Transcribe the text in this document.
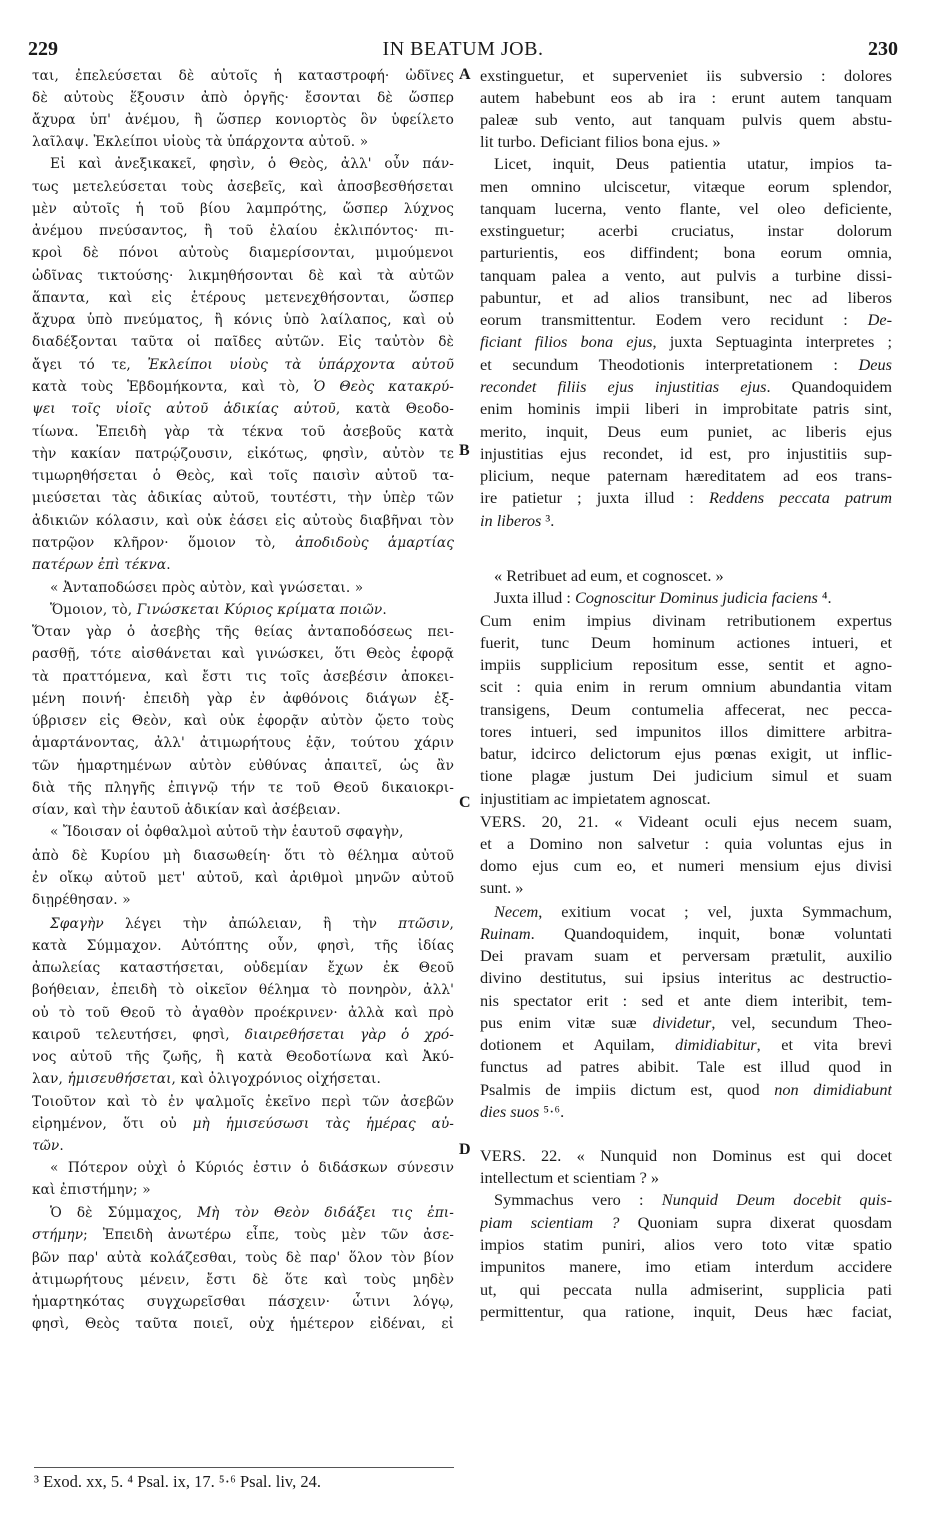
229	IN BEATUM JOB.	230
ται, ἐπελεύσεται δὲ αὐτοῖς ἡ καταστροφή· ὠδῖνες
δὲ αὐτοὺς ἕξουσιν ἀπὸ ὀργῆς· ἔσονται δὲ ὥσπερ
ἄχυρα ὑπ' ἀνέμου, ἢ ὥσπερ κονιορτὸς ὃν ὑφείλετο
λαῖλαψ. Ἐκλείποι υἱοὺς τὰ ὑπάρχοντα αὐτοῦ. »
Εἰ καὶ ἀνεξικακεῖ, φησὶν, ὁ Θεὸς, ἀλλ' οὖν πάν-
τως μετελεύσεται τοὺς ἀσεβεῖς, καὶ ἀποσβεσθήσεται
μὲν αὐτοῖς ἡ τοῦ βίου λαμπρότης, ὥσπερ λύχνος
ἀνέμου πνεύσαντος, ἢ τοῦ ἐλαίου ἐκλιπόντος· πι-
κροὶ δὲ πόνοι αὐτοὺς διαμερίσονται, μιμούμενοι
ὠδῖνας τικτούσης· λικμηθήσονται δὲ καὶ τὰ αὐτῶν
ἅπαντα, καὶ εἰς ἑτέρους μετενεχθήσονται, ὥσπερ
ἄχυρα ὑπὸ πνεύματος, ἢ κόνις ὑπὸ λαίλαπος, καὶ οὐ
διαδέξονται ταῦτα οἱ παῖδες αὐτῶν. Εἰς ταὐτὸν δὲ
ἄγει τό τε, Ἐκλείποι υἱοὺς τὰ ὑπάρχοντα αὐτοῦ
κατὰ τοὺς Ἑβδομήκοντα, καὶ τὸ, Ὁ Θεὸς κατακρύ-
ψει τοῖς υἱοῖς αὐτοῦ ἀδικίας αὐτοῦ, κατὰ Θεοδο-
τίωνα. Ἐπειδὴ γὰρ τὰ τέκνα τοῦ ἀσεβοῦς κατὰ
τὴν κακίαν πατρῴζουσιν, εἰκότως, φησὶν, αὐτὸν τε
τιμωρηθήσεται ὁ Θεὸς, καὶ τοῖς παισὶν αὐτοῦ τα-
μιεύσεται τὰς ἀδικίας αὐτοῦ, τουτέστι, τὴν ὑπὲρ τῶν
ἀδικιῶν κόλασιν, καὶ οὐκ ἐάσει εἰς αὐτοὺς διαβῆναι τὸν
πατρῷον κλῆρον· ὅμοιον τὸ, ἀποδιδοὺς ἁμαρτίας
πατέρων ἐπὶ τέκνα.
« Ἀνταποδώσει πρὸς αὐτὸν, καὶ γνώσεται. »
Ὅμοιον, τὸ, Γινώσκεται Κύριος κρίματα ποιῶν.
Ὅταν γὰρ ὁ ἀσεβὴς τῆς θείας ἀνταποδόσεως πει-
ρασθῇ, τότε αἰσθάνεται καὶ γινώσκει, ὅτι Θεὸς ἐφορᾷ
τὰ πραττόμενα, καὶ ἔστι τις τοῖς ἀσεβέσιν ἀποκει-
μένη ποινή· ἐπειδὴ γὰρ ἐν ἀφθόνοις διάγων ἐξ-
ύβρισεν εἰς Θεὸν, καὶ οὐκ ἐφορᾷν αὐτὸν ᾤετο τοὺς
ἁμαρτάνοντας, ἀλλ' ἀτιμωρήτους ἐᾷν, τούτου χάριν
τῶν ἡμαρτημένων αὐτὸν εὐθύνας ἀπαιτεῖ, ὡς ἂν
διὰ τῆς πληγῆς ἐπιγνῷ τήν τε τοῦ Θεοῦ δικαιοκρι-
σίαν, καὶ τὴν ἑαυτοῦ ἀδικίαν καὶ ἀσέβειαν.
« Ἴδοισαν οἱ ὀφθαλμοὶ αὐτοῦ τὴν ἑαυτοῦ σφαγὴν,
ἀπὸ δὲ Κυρίου μὴ διασωθείη· ὅτι τὸ θέλημα αὐτοῦ
ἐν οἴκῳ αὐτοῦ μετ' αὐτοῦ, καὶ ἀριθμοὶ μηνῶν αὐτοῦ
διῃρέθησαν. »
Σφαγὴν λέγει τὴν ἀπώλειαν, ἢ τὴν πτῶσιν,
κατὰ Σύμμαχον. Αὐτόπτης οὖν, φησὶ, τῆς ἰδίας
ἀπωλείας καταστήσεται, οὐδεμίαν ἔχων ἐκ Θεοῦ
βοήθειαν, ἐπειδὴ τὸ οἰκεῖον θέλημα τὸ πονηρὸν, ἀλλ'
οὐ τὸ τοῦ Θεοῦ τὸ ἀγαθὸν προέκρινεν· ἀλλὰ καὶ πρὸ
καιροῦ τελευτήσει, φησὶ, διαιρεθήσεται γὰρ ὁ χρό-
νος αὐτοῦ τῆς ζωῆς, ἢ κατὰ Θεοδοτίωνα καὶ Ἀκύ-
λαν, ἡμισευθήσεται, καὶ ὀλιγοχρόνιος οἰχήσεται.
Τοιοῦτον καὶ τὸ ἐν ψαλμοῖς ἐκεῖνο περὶ τῶν ἀσεβῶν
εἰρημένον, ὅτι οὐ μὴ ἡμισεύσωσι τὰς ἡμέρας αὐ-
τῶν.
« Πότερον οὐχὶ ὁ Κύριός ἐστιν ὁ διδάσκων σύνεσιν
καὶ ἐπιστήμην; »
Ὁ δὲ Σύμμαχος, Μὴ τὸν Θεὸν διδάξει τις ἐπι-
στήμην; Ἐπειδὴ ἀνωτέρω εἶπε, τοὺς μὲν τῶν ἀσε-
βῶν παρ' αὐτὰ κολάζεσθαι, τοὺς δὲ παρ' ὅλον τὸν βίον
ἀτιμωρήτους μένειν, ἔστι δὲ ὅτε καὶ τοὺς μηδὲν
ἡμαρτηκότας συγχωρεῖσθαι πάσχειν· ὧτινι λόγῳ,
φησὶ, Θεὸς ταῦτα ποιεῖ, οὐχ ἡμέτερον εἰδέναι, εἰ
exstinguetur, et superveniet iis subversio : dolores
autem habebunt eos ab ira : erunt autem tanquam
paleæ sub vento, aut tanquam pulvis quem abstu-
lit turbo. Deficiant filios bona ejus. »
Licet, inquit, Deus patientia utatur, impios ta-
men omnino ulciscetur, vitæque eorum splendor,
tanquam lucerna, vento flante, vel oleo deficiente,
exstinguetur; acerbi cruciatus, instar dolorum
parturientis, eos diffindent; bona eorum omnia,
tanquam palea a vento, aut pulvis a turbine dissi-
pabuntur, et ad alios transibunt, nec ad liberos
eorum transmittentur. Eodem vero recidunt : De-
ficiant filios bona ejus, juxta Septuaginta interpretes ;
et secundum Theodotionis interpretationem : Deus
recondet filiis ejus injustitias ejus. Quandoquidem
enim hominis impii liberi in improbitate patris sint,
merito, inquit, Deus eum puniet, ac liberis ejus
injustitias ejus recondet, id est, pro injustitiis sup-
plicium, neque paternam hæreditatem ad eos trans-
ire patietur ; juxta illud : Reddens peccata patrum
in liberos ³.
« Retribuet ad eum, et cognoscet. »
Juxta illud : Cognoscitur Dominus judicia faciens ⁴.
Cum enim impius divinam retributionem expertus
fuerit, tunc Deum hominum actiones intueri, et
impiis supplicium repositum esse, sentit et agno-
scit : quia enim in rerum omnium abundantia vitam
transigens, Deum contumelia affecerat, nec pecca-
tores intueri, sed impunitos illos dimittere arbitra-
batur, idcirco delictorum ejus pœnas exigit, ut inflic-
tione plagæ justum Dei judicium simul et suam
injustitiam ac impietatem agnoscat.
VERS. 20, 21. « Videant oculi ejus necem suam,
et a Domino non salvetur : quia voluntas ejus in
domo ejus cum eo, et numeri mensium ejus divisi
sunt. »
Necem, exitium vocat ; vel, juxta Symmachum,
Ruinam. Quandoquidem, inquit, bonæ voluntati
Dei pravam suam et perversam prætulit, auxilio
divino destitutus, sui ipsius interitus ac destructio-
nis spectator erit : sed et ante diem interibit, tem-
pus enim vitæ suæ dividetur, vel, secundum Theo-
dotionem et Aquilam, dimidiabitur, et vita brevi
functus ad patres abibit. Tale est illud quod in
Psalmis de impiis dictum est, quod non dimidiabunt
dies suos ⁵·⁶.
VERS. 22. « Nunquid non Dominus est qui docet
intellectum et scientiam ? »
Symmachus vero : Nunquid Deum docebit quis-
piam scientiam ? Quoniam supra dixerat quosdam
impios statim puniri, alios vero toto vitæ spatio
impunitos manere, imo etiam interdum accidere
ut, qui peccata nulla admiserint, supplicia pati
permittentur, qua ratione, inquit, Deus hæc faciat,
A
B
C
D
³ Exod. xx, 5. ⁴ Psal. ix, 17. ⁵·⁶ Psal. liv, 24.
